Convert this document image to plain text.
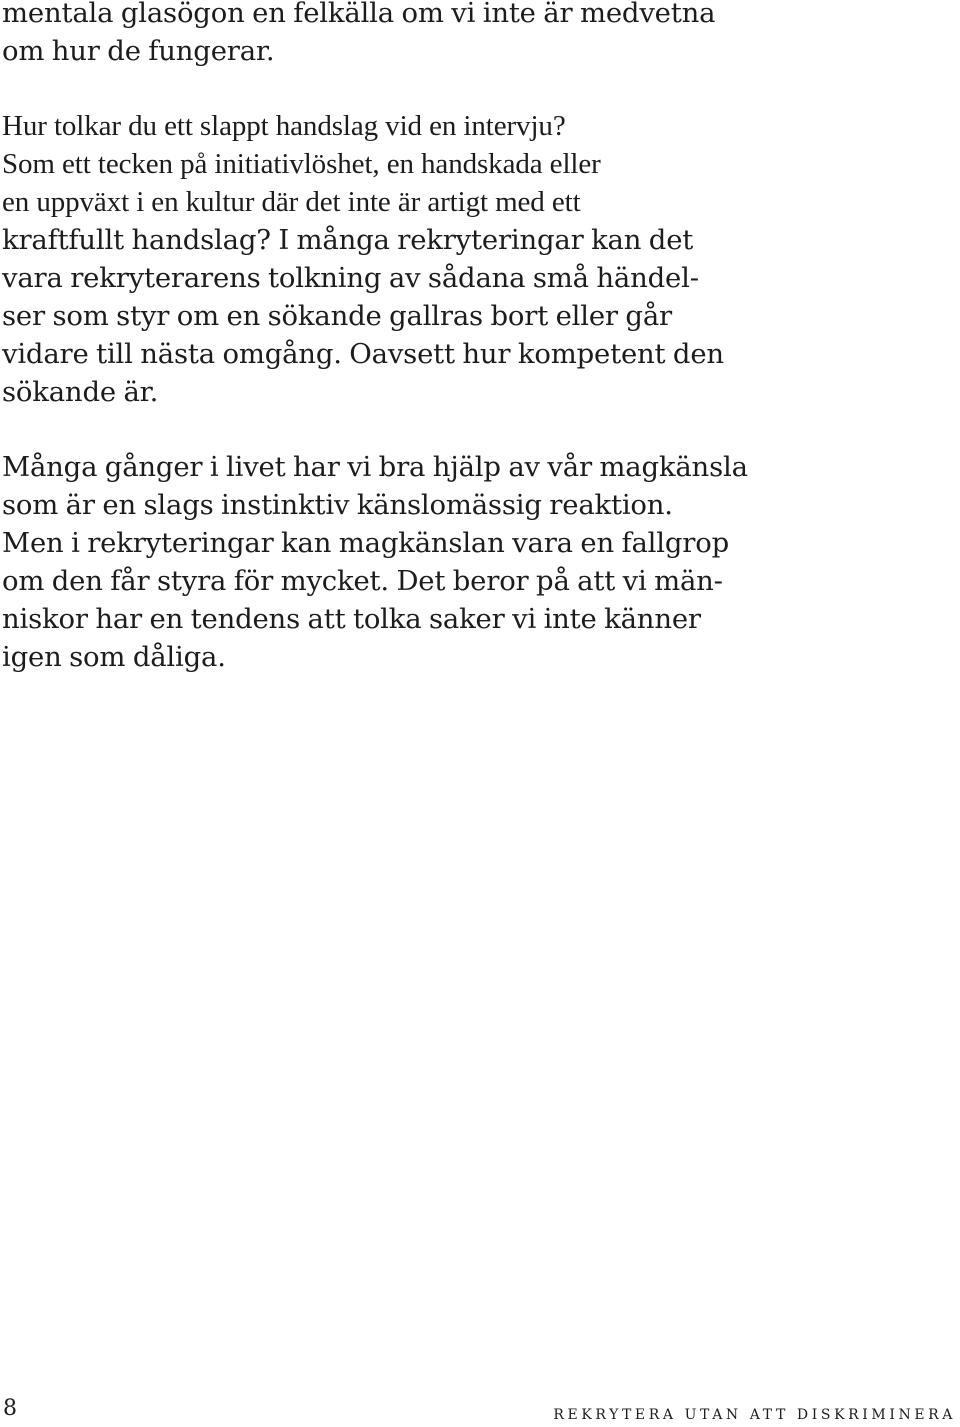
mentala glasögon en felkälla om vi inte är medvetna
om hur de fungerar.
Hur tolkar du ett slappt handslag vid en intervju?
Som ett tecken på initiativlöshet, en handskada eller
en uppväxt i en kultur där det inte är artigt med ett
kraftfullt handslag? I många rekryteringar kan det
vara rekryterarens tolkning av sådana små händel-
ser som styr om en sökande gallras bort eller går
vidare till nästa omgång. Oavsett hur kompetent den
sökande är.
Många gånger i livet har vi bra hjälp av vår magkänsla
som är en slags instinktiv känslomässig reaktion.
Men i rekryteringar kan magkänslan vara en fallgrop
om den får styra för mycket. Det beror på att vi män-
niskor har en tendens att tolka saker vi inte känner
igen som dåliga.
8	REKRYTERA UTAN ATT DISKRIMINERA
